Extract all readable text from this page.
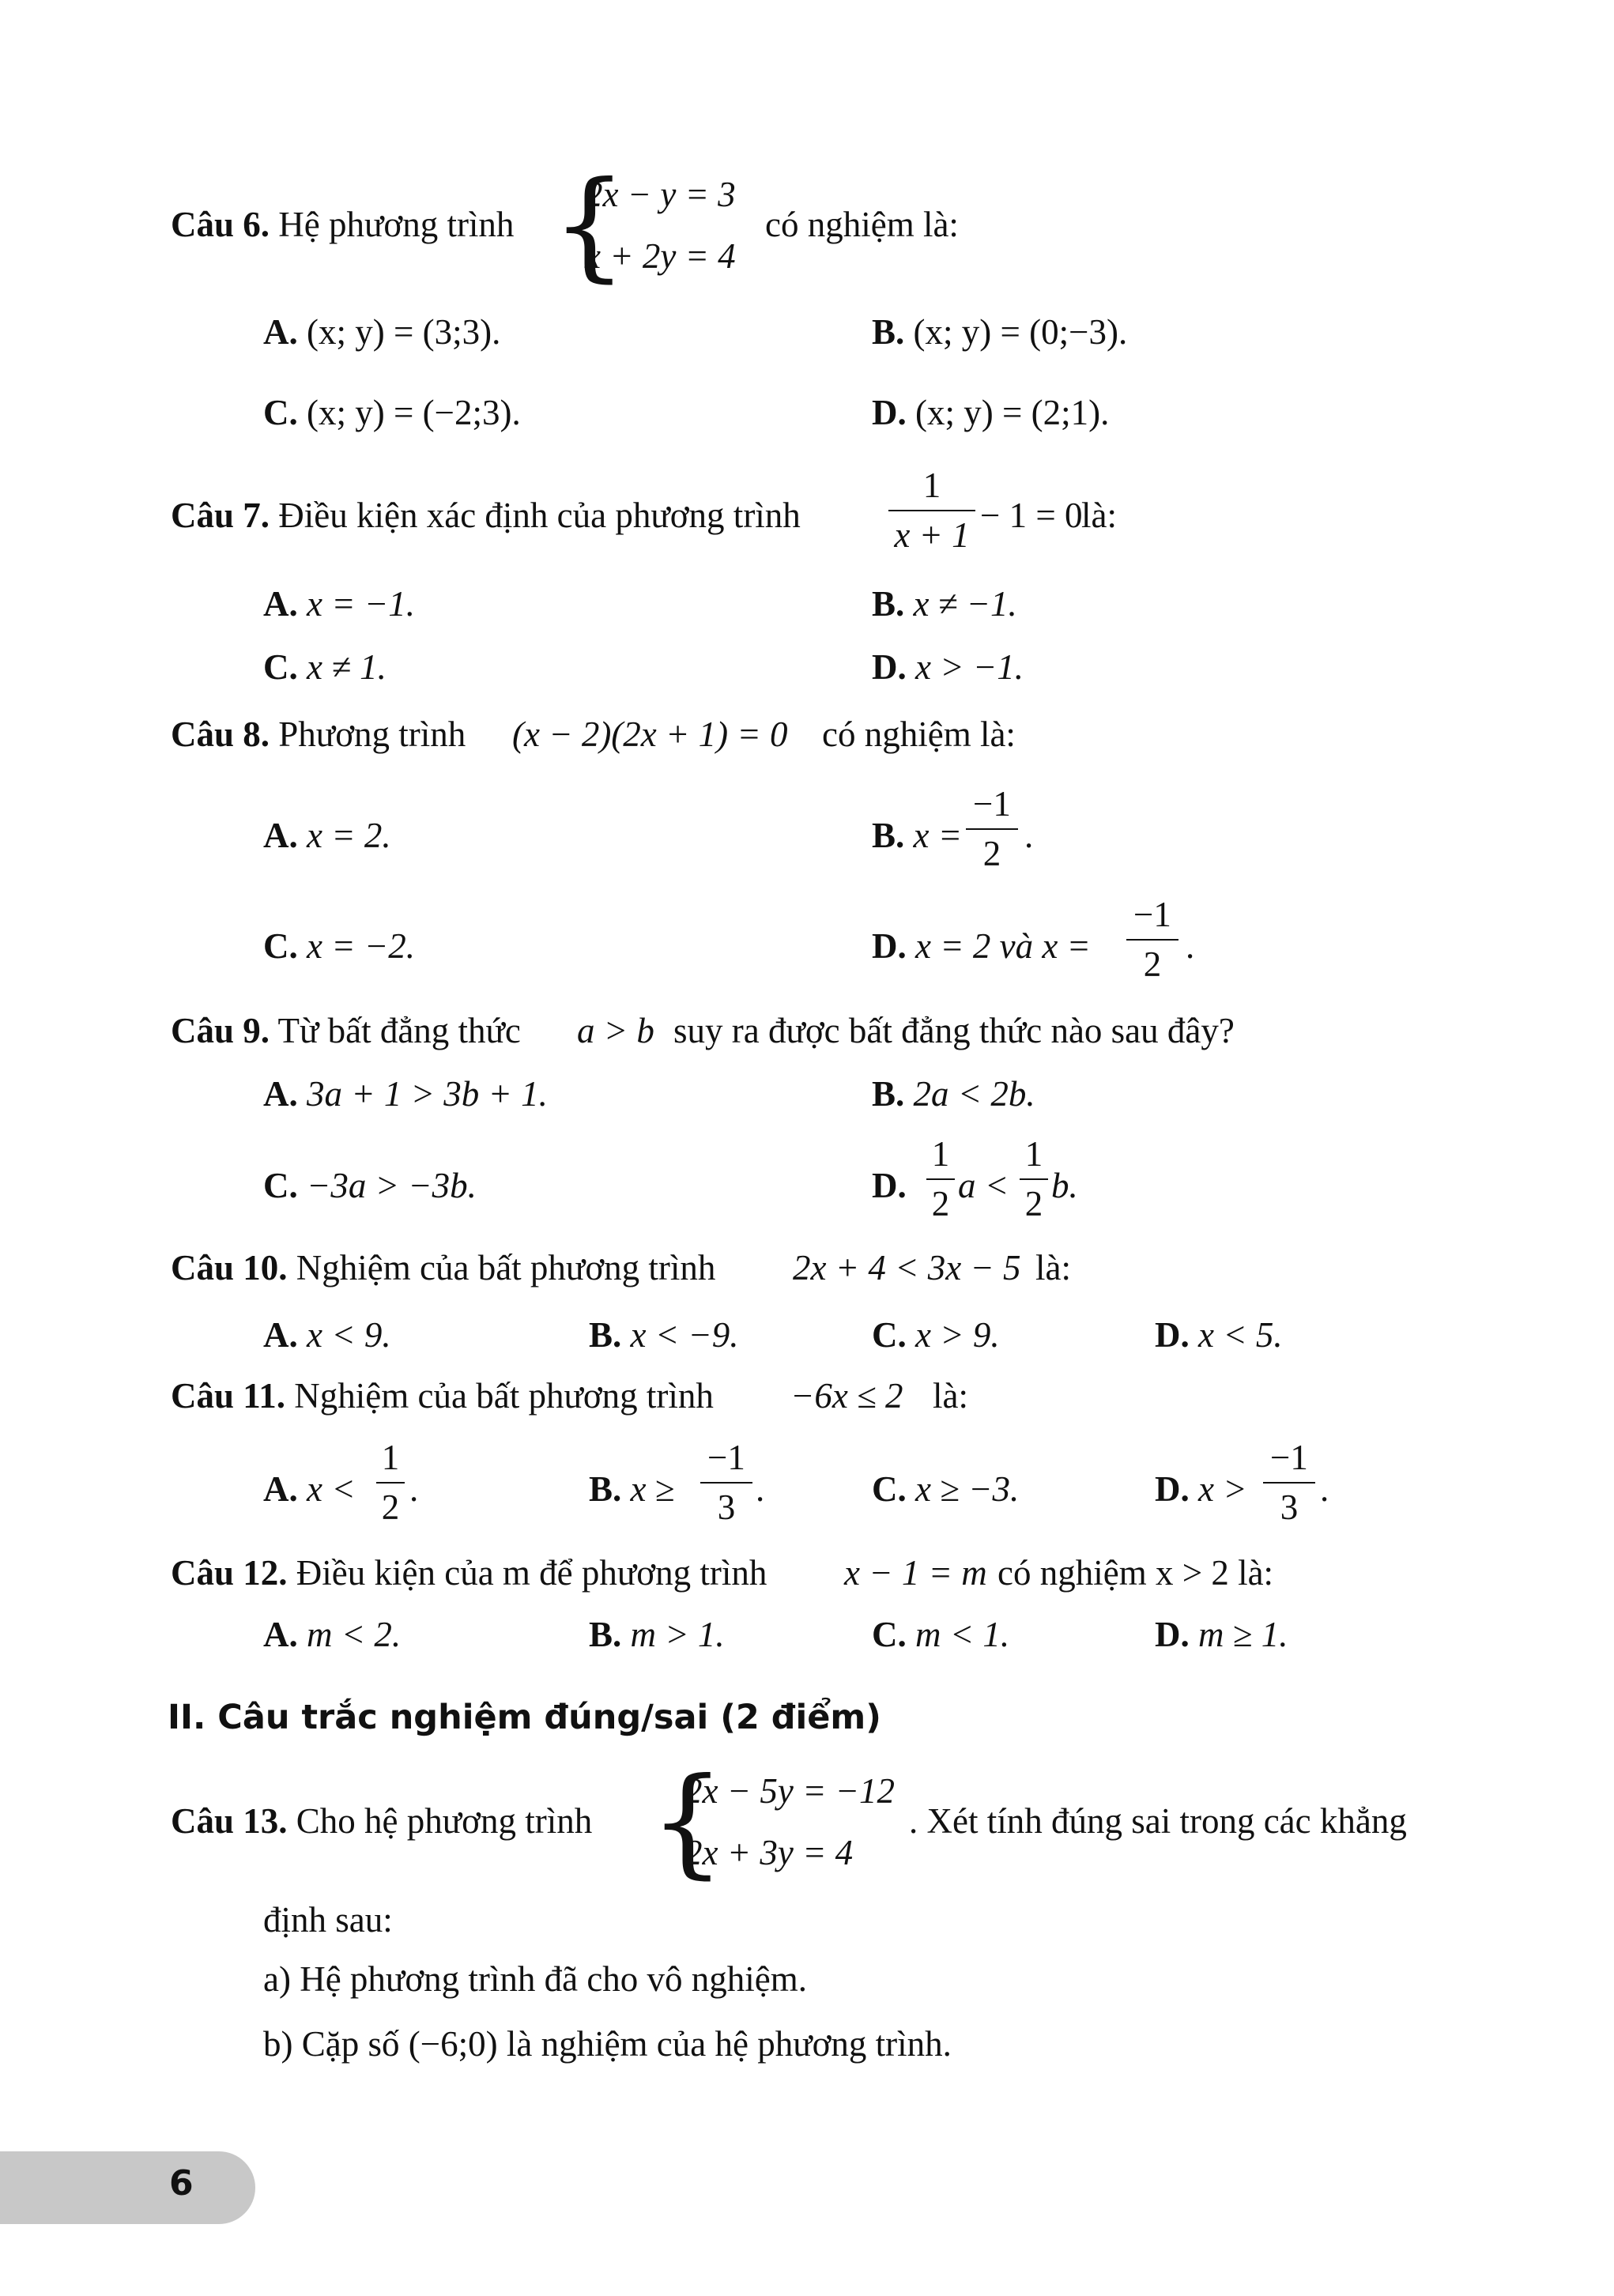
Câu 6. Hệ phương trình {
2x − y = 3
x + 2y = 4
có nghiệm là:
A. (x; y) = (3;3).	B. (x; y) = (0;−3).
C. (x; y) = (−2;3).	D. (x; y) = (2;1).
Câu 7. Điều kiện xác định của phương trình
1
x + 1 − 1 = 0
là:
A. x = −1.	B. x ≠ −1.
C. x ≠ 1.	D. x > −1.
Câu 8. Phương trình (x − 2)(2x + 1) = 0 có nghiệm là:
A. x = 2.	B. x =
−1
2 .
C. x = −2.	D. x = 2 và x =
−1
2 .
Câu 9. Từ bất đẳng thức a > b suy ra được bất đẳng thức nào sau đây?
A. 3a + 1 > 3b + 1.	B. 2a < 2b.
C. −3a > −3b.	D.
1
2 a <
1
2 b.
Câu 10. Nghiệm của bất phương trình 2x + 4 < 3x − 5 là:
A. x < 9.	B. x < −9.	C. x > 9.	D. x < 5.
Câu 11. Nghiệm của bất phương trình −6x ≤ 2 là:
A. x <
1
2 .	B. x ≥
−1
3 .	C. x ≥ −3.	D. x >
−1
3 .
Câu 12. Điều kiện của m để phương trình x − 1 = m có nghiệm x > 2 là:
A. m < 2.	B. m > 1.	C. m < 1.	D. m ≥ 1.
II. Câu trắc nghiệm đúng/sai (2 điểm)
Câu 13. Cho hệ phương trình {
2x − 5y = −12
2x + 3y = 4
. Xét tính đúng sai trong các khẳng
định sau:
a) Hệ phương trình đã cho vô nghiệm.
b) Cặp số (−6;0) là nghiệm của hệ phương trình.
6
